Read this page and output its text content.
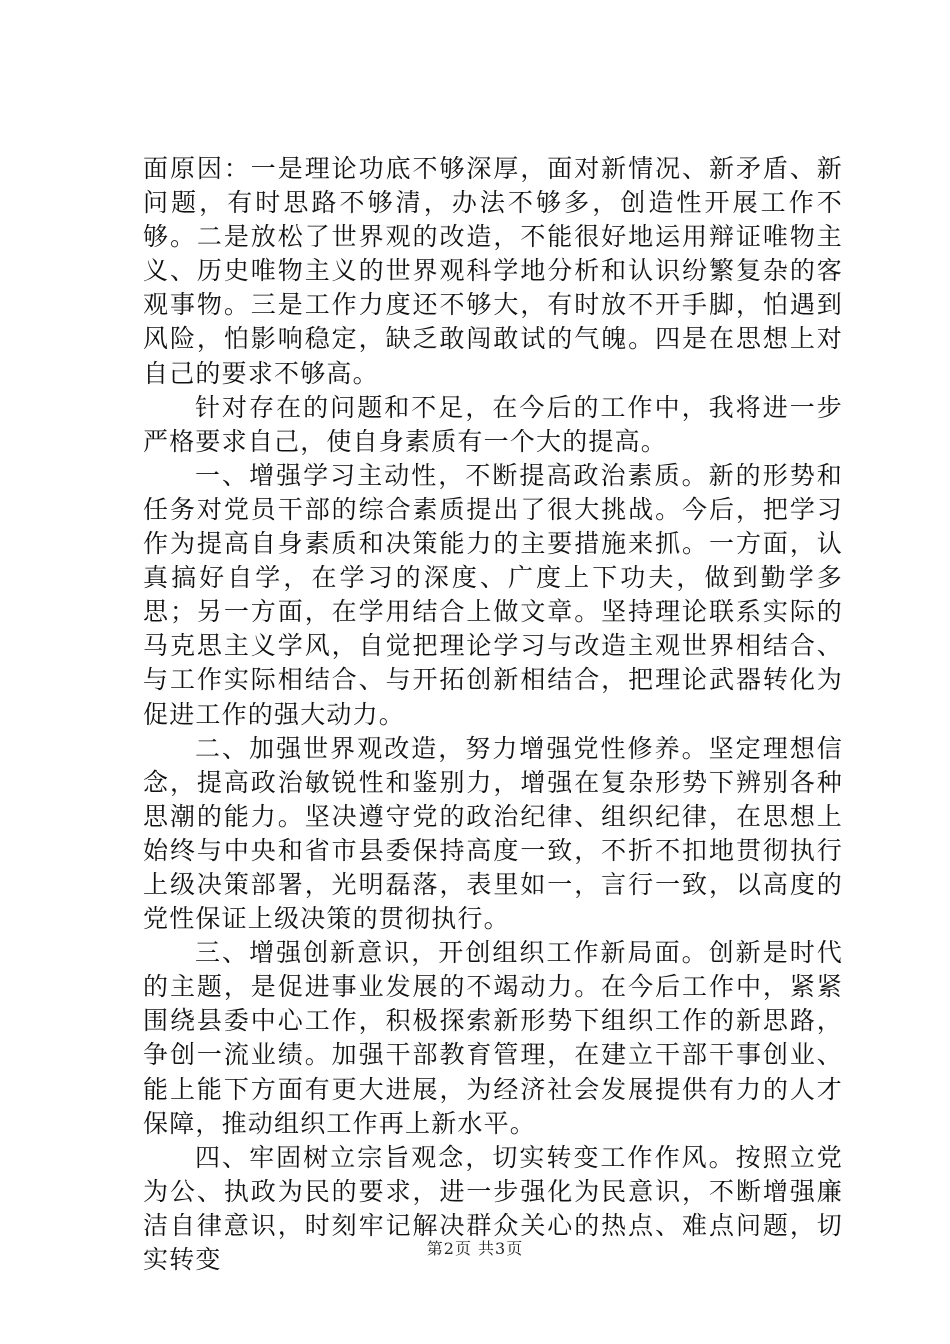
面原因：一是理论功底不够深厚，面对新情况、新矛盾、新问题，有时思路不够清，办法不够多，创造性开展工作不够。二是放松了世界观的改造，不能很好地运用辩证唯物主义、历史唯物主义的世界观科学地分析和认识纷繁复杂的客观事物。三是工作力度还不够大，有时放不开手脚，怕遇到风险，怕影响稳定，缺乏敢闯敢试的气魄。四是在思想上对自己的要求不够高。

针对存在的问题和不足，在今后的工作中，我将进一步严格要求自己，使自身素质有一个大的提高。

一、增强学习主动性，不断提高政治素质。新的形势和任务对党员干部的综合素质提出了很大挑战。今后，把学习作为提高自身素质和决策能力的主要措施来抓。一方面，认真搞好自学，在学习的深度、广度上下功夫，做到勤学多思；另一方面，在学用结合上做文章。坚持理论联系实际的马克思主义学风，自觉把理论学习与改造主观世界相结合、与工作实际相结合、与开拓创新相结合，把理论武器转化为促进工作的强大动力。

二、加强世界观改造，努力增强党性修养。坚定理想信念，提高政治敏锐性和鉴别力，增强在复杂形势下辨别各种思潮的能力。坚决遵守党的政治纪律、组织纪律，在思想上始终与中央和省市县委保持高度一致，不折不扣地贯彻执行上级决策部署，光明磊落，表里如一，言行一致，以高度的党性保证上级决策的贯彻执行。

三、增强创新意识，开创组织工作新局面。创新是时代的主题，是促进事业发展的不竭动力。在今后工作中，紧紧围绕县委中心工作，积极探索新形势下组织工作的新思路，争创一流业绩。加强干部教育管理，在建立干部干事创业、能上能下方面有更大进展，为经济社会发展提供有力的人才保障，推动组织工作再上新水平。

四、牢固树立宗旨观念，切实转变工作作风。按照立党为公、执政为民的要求，进一步强化为民意识，不断增强廉洁自律意识，时刻牢记解决群众关心的热点、难点问题，切实转变	第2页 共3页
